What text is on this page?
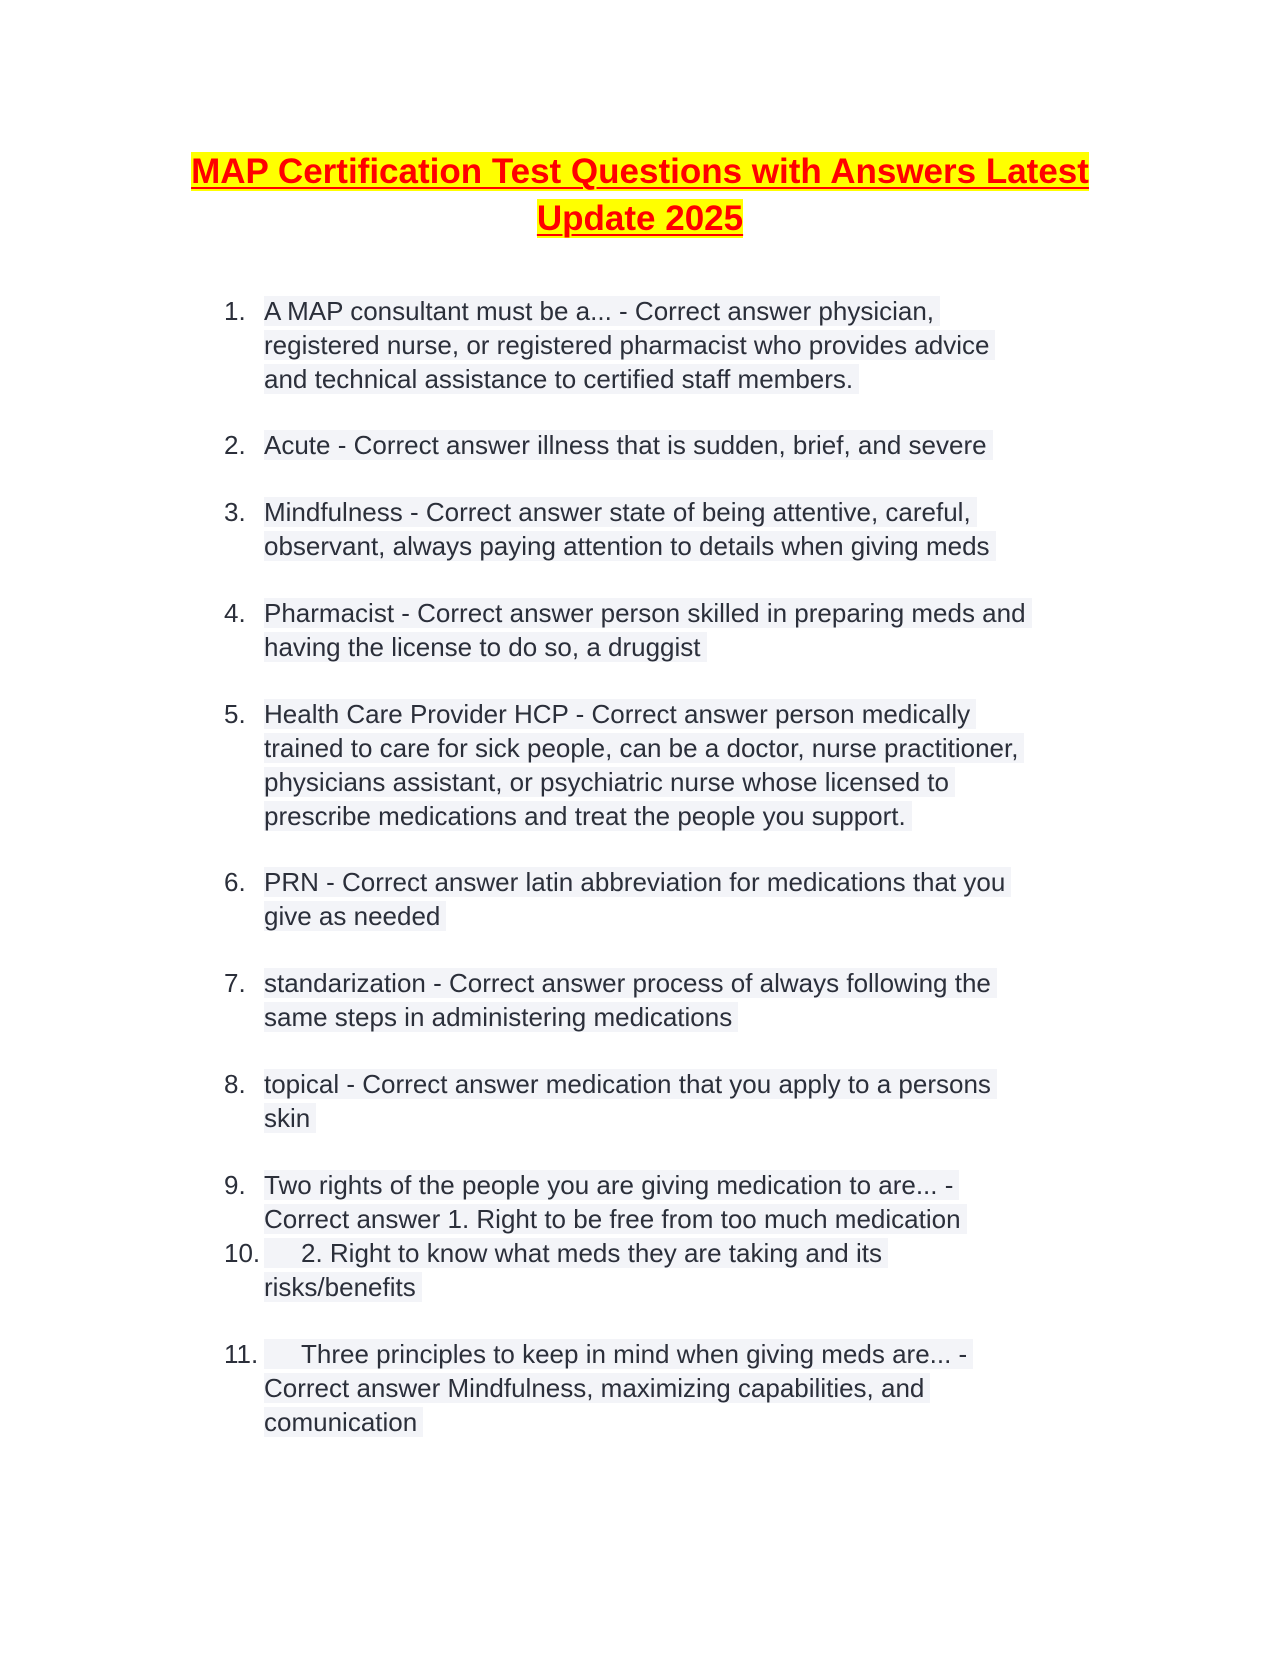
MAP Certification Test Questions with Answers Latest
Update 2025
1. A MAP consultant must be a... - Correct answer physician,
registered nurse, or registered pharmacist who provides advice
and technical assistance to certified staff members.
2. Acute - Correct answer illness that is sudden, brief, and severe
3. Mindfulness - Correct answer state of being attentive, careful,
observant, always paying attention to details when giving meds
4. Pharmacist - Correct answer person skilled in preparing meds and
having the license to do so, a druggist
5. Health Care Provider HCP - Correct answer person medically
trained to care for sick people, can be a doctor, nurse practitioner,
physicians assistant, or psychiatric nurse whose licensed to
prescribe medications and treat the people you support.
6. PRN - Correct answer latin abbreviation for medications that you
give as needed
7. standarization - Correct answer process of always following the
same steps in administering medications
8. topical - Correct answer medication that you apply to a persons
skin
9. Two rights of the people you are giving medication to are... -
Correct answer 1. Right to be free from too much medication
10.	2. Right to know what meds they are taking and its
risks/benefits
11.	Three principles to keep in mind when giving meds are... -
Correct answer Mindfulness, maximizing capabilities, and
comunication
